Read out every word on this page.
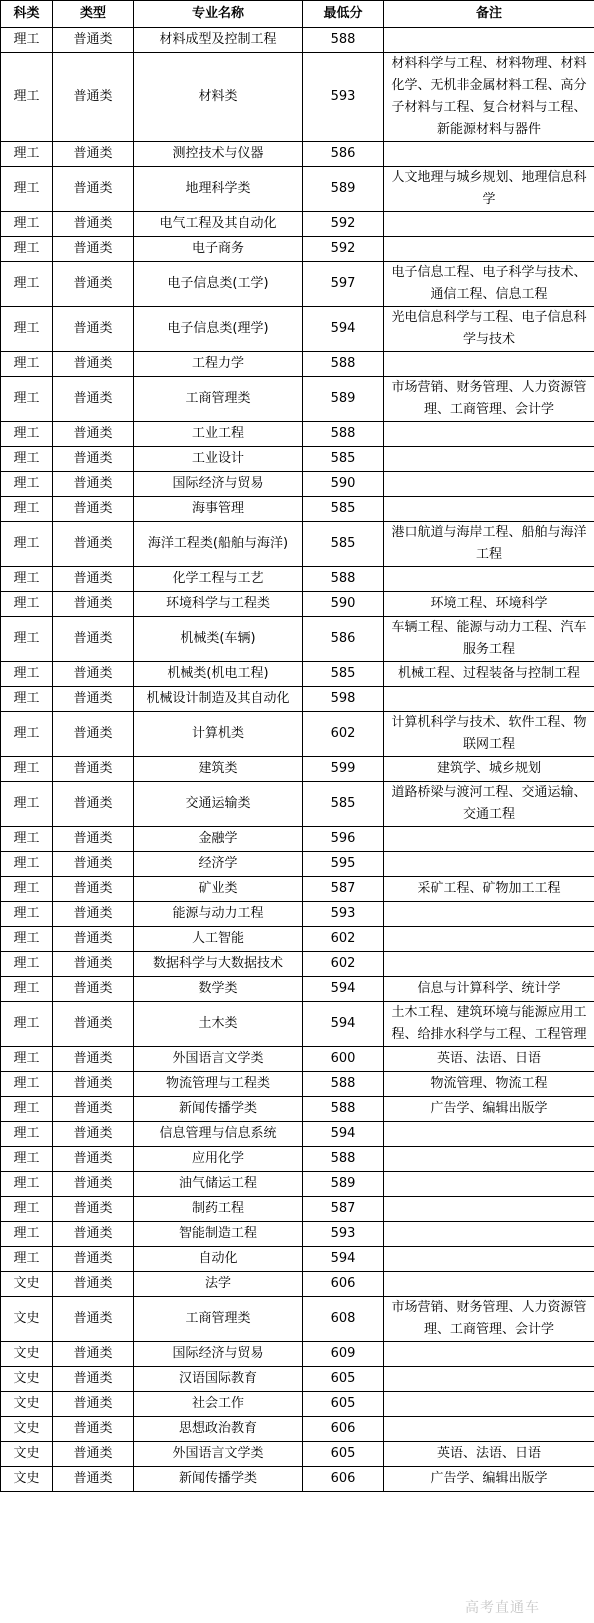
科类	类型	专业名称	最低分	备注
理工	普通类	材料成型及控制工程	588	
理工	普通类	材料类	593	材料科学与工程、材料物理、材料化学、无机非金属材料工程、高分子材料与工程、复合材料与工程、新能源材料与器件
理工	普通类	测控技术与仪器	586	
理工	普通类	地理科学类	589	人文地理与城乡规划、地理信息科学
理工	普通类	电气工程及其自动化	592	
理工	普通类	电子商务	592	
理工	普通类	电子信息类(工学)	597	电子信息工程、电子科学与技术、通信工程、信息工程
理工	普通类	电子信息类(理学)	594	光电信息科学与工程、电子信息科学与技术
理工	普通类	工程力学	588	
理工	普通类	工商管理类	589	市场营销、财务管理、人力资源管理、工商管理、会计学
理工	普通类	工业工程	588	
理工	普通类	工业设计	585	
理工	普通类	国际经济与贸易	590	
理工	普通类	海事管理	585	
理工	普通类	海洋工程类(船舶与海洋)	585	港口航道与海岸工程、船舶与海洋工程
理工	普通类	化学工程与工艺	588	
理工	普通类	环境科学与工程类	590	环境工程、环境科学
理工	普通类	机械类(车辆)	586	车辆工程、能源与动力工程、汽车服务工程
理工	普通类	机械类(机电工程)	585	机械工程、过程装备与控制工程
理工	普通类	机械设计制造及其自动化	598	
理工	普通类	计算机类	602	计算机科学与技术、软件工程、物联网工程
理工	普通类	建筑类	599	建筑学、城乡规划
理工	普通类	交通运输类	585	道路桥梁与渡河工程、交通运输、交通工程
理工	普通类	金融学	596	
理工	普通类	经济学	595	
理工	普通类	矿业类	587	采矿工程、矿物加工工程
理工	普通类	能源与动力工程	593	
理工	普通类	人工智能	602	
理工	普通类	数据科学与大数据技术	602	
理工	普通类	数学类	594	信息与计算科学、统计学
理工	普通类	土木类	594	土木工程、建筑环境与能源应用工程、给排水科学与工程、工程管理
理工	普通类	外国语言文学类	600	英语、法语、日语
理工	普通类	物流管理与工程类	588	物流管理、物流工程
理工	普通类	新闻传播学类	588	广告学、编辑出版学
理工	普通类	信息管理与信息系统	594	
理工	普通类	应用化学	588	
理工	普通类	油气储运工程	589	
理工	普通类	制药工程	587	
理工	普通类	智能制造工程	593	
理工	普通类	自动化	594	
文史	普通类	法学	606	
文史	普通类	工商管理类	608	市场营销、财务管理、人力资源管理、工商管理、会计学
文史	普通类	国际经济与贸易	609	
文史	普通类	汉语国际教育	605	
文史	普通类	社会工作	605	
文史	普通类	思想政治教育	606	
文史	普通类	外国语言文学类	605	英语、法语、日语
文史	普通类	新闻传播学类	606	广告学、编辑出版学
高考直通车
